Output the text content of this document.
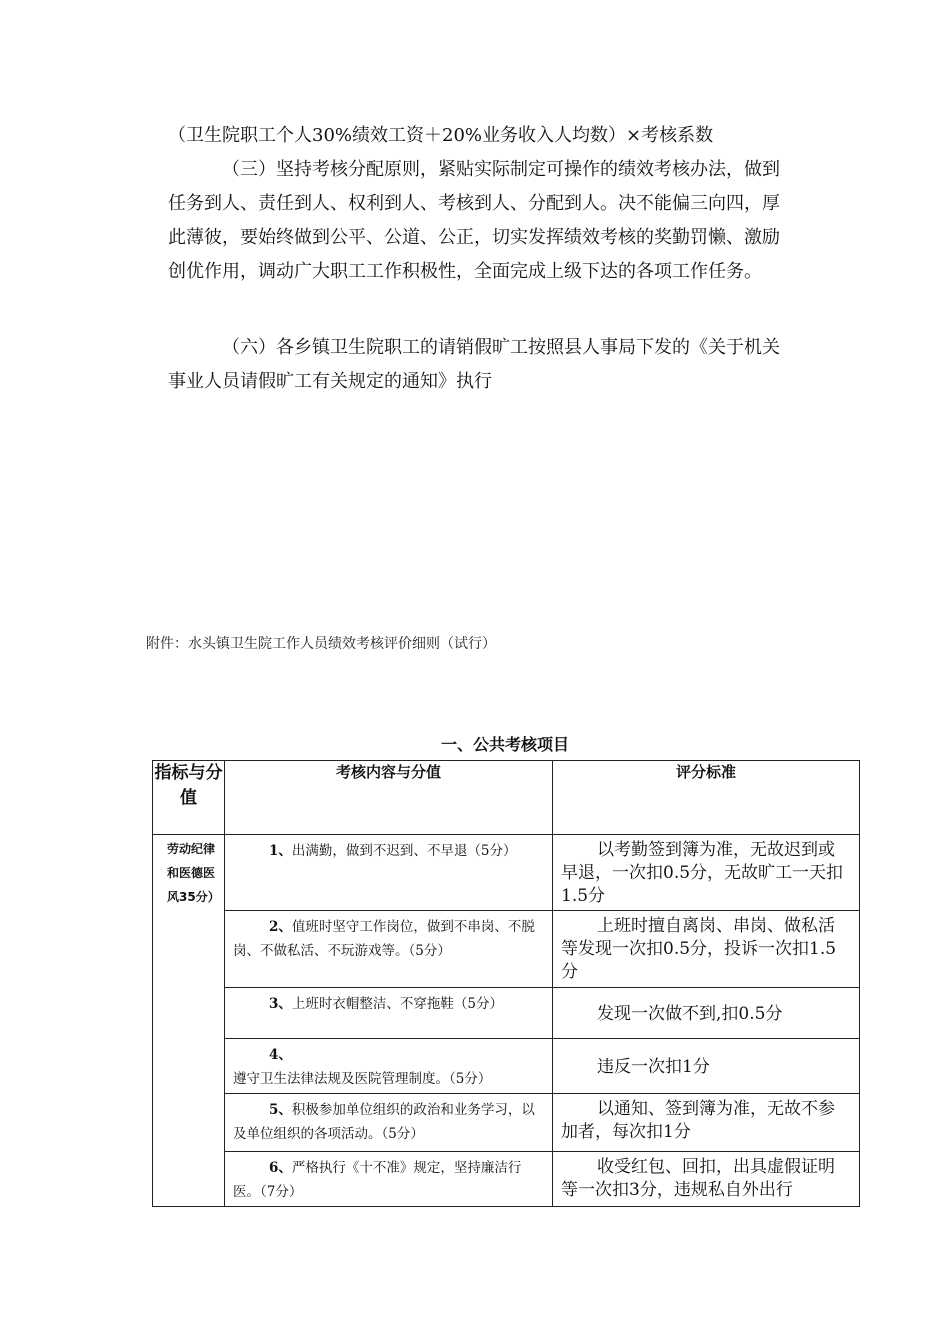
（卫生院职工个人30%绩效工资＋20%业务收入人均数）×考核系数

（三）坚持考核分配原则，紧贴实际制定可操作的绩效考核办法，做到任务到人、责任到人、权利到人、考核到人、分配到人。决不能偏三向四，厚此薄彼，要始终做到公平、公道、公正，切实发挥绩效考核的奖勤罚懒、激励创优作用，调动广大职工工作积极性，全面完成上级下达的各项工作任务。

（六）各乡镇卫生院职工的请销假旷工按照县人事局下发的《关于机关事业人员请假旷工有关规定的通知》执行

附件：水头镇卫生院工作人员绩效考核评价细则（试行）
一、公共考核项目
指标与分值	考核内容与分值	评分标准
劳动纪律和医德医风35分）	1、出满勤，做到不迟到、不早退（5分）	以考勤签到簿为准，无故迟到或早退，一次扣0.5分，无故旷工一天扣1.5分
	2、值班时坚守工作岗位，做到不串岗、不脱岗、不做私活、不玩游戏等。（5分）	上班时擅自离岗、串岗、做私活等发现一次扣0.5分，投诉一次扣1.5分
	3、上班时衣帽整洁、不穿拖鞋（5分）	发现一次做不到,扣0.5分
	4、遵守卫生法律法规及医院管理制度。（5分）	违反一次扣1分
	5、积极参加单位组织的政治和业务学习，以及单位组织的各项活动。（5分）	以通知、签到簿为准，无故不参加者，每次扣1分
	6、严格执行《十不准》规定，坚持廉洁行医。（7分）	收受红包、回扣，出具虚假证明等一次扣3分，违规私自外出行
